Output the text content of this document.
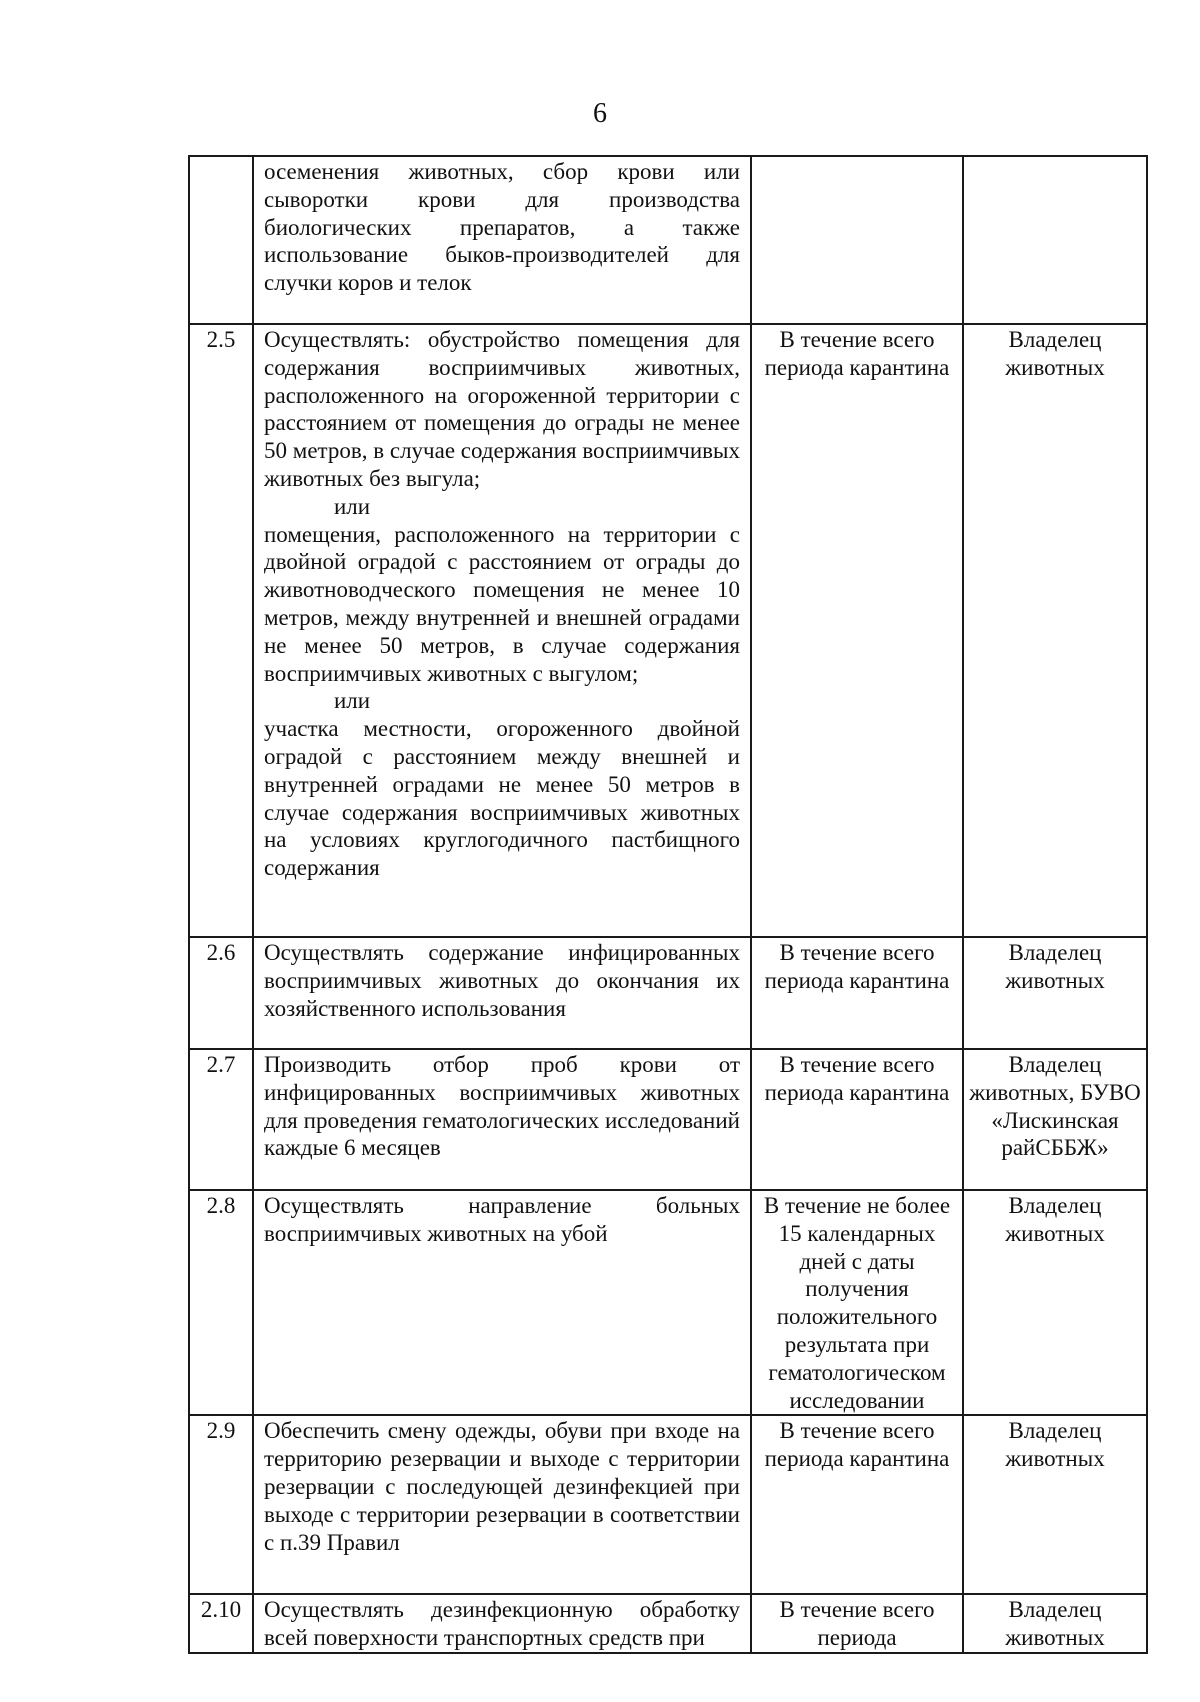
6

	осеменения животных, сбор крови или сыворотки крови для производства биологических препаратов, а также использование быков-производителей для случки коров и телок		

2.5	Осуществлять: обустройство помещения для содержания восприимчивых животных, расположенного на огороженной территории с расстоянием от помещения до ограды не менее 50 метров, в случае содержания восприимчивых животных без выгула;
или
помещения, расположенного на территории с двойной оградой с расстоянием от ограды до животноводческого помещения не менее 10 метров, между внутренней и внешней оградами не менее 50 метров, в случае содержания восприимчивых животных с выгулом;
или
участка местности, огороженного двойной оградой с расстоянием между внешней и внутренней оградами не менее 50 метров в случае содержания восприимчивых животных на условиях круглогодичного пастбищного содержания	В течение всего периода карантина	Владелец животных
2.6	Осуществлять содержание инфицированных восприимчивых животных до окончания их хозяйственного использования	В течение всего периода карантина	Владелец животных
2.7	Производить отбор проб крови от инфицированных восприимчивых животных для проведения гематологических исследований каждые 6 месяцев	В течение всего периода карантина	Владелец животных, БУВО «Лискинская райСББЖ»
2.8	Осуществлять направление больных восприимчивых животных на убой	В течение не более 15 календарных дней с даты получения положительного результата при гематологическом исследовании	Владелец животных
2.9	Обеспечить смену одежды, обуви при входе на территорию резервации и выходе с территории резервации с последующей дезинфекцией при выходе с территории резервации в соответствии с п.39 Правил	В течение всего периода карантина	Владелец животных
2.10	Осуществлять дезинфекционную обработку всей поверхности транспортных средств при	В течение всего периода	Владелец животных
